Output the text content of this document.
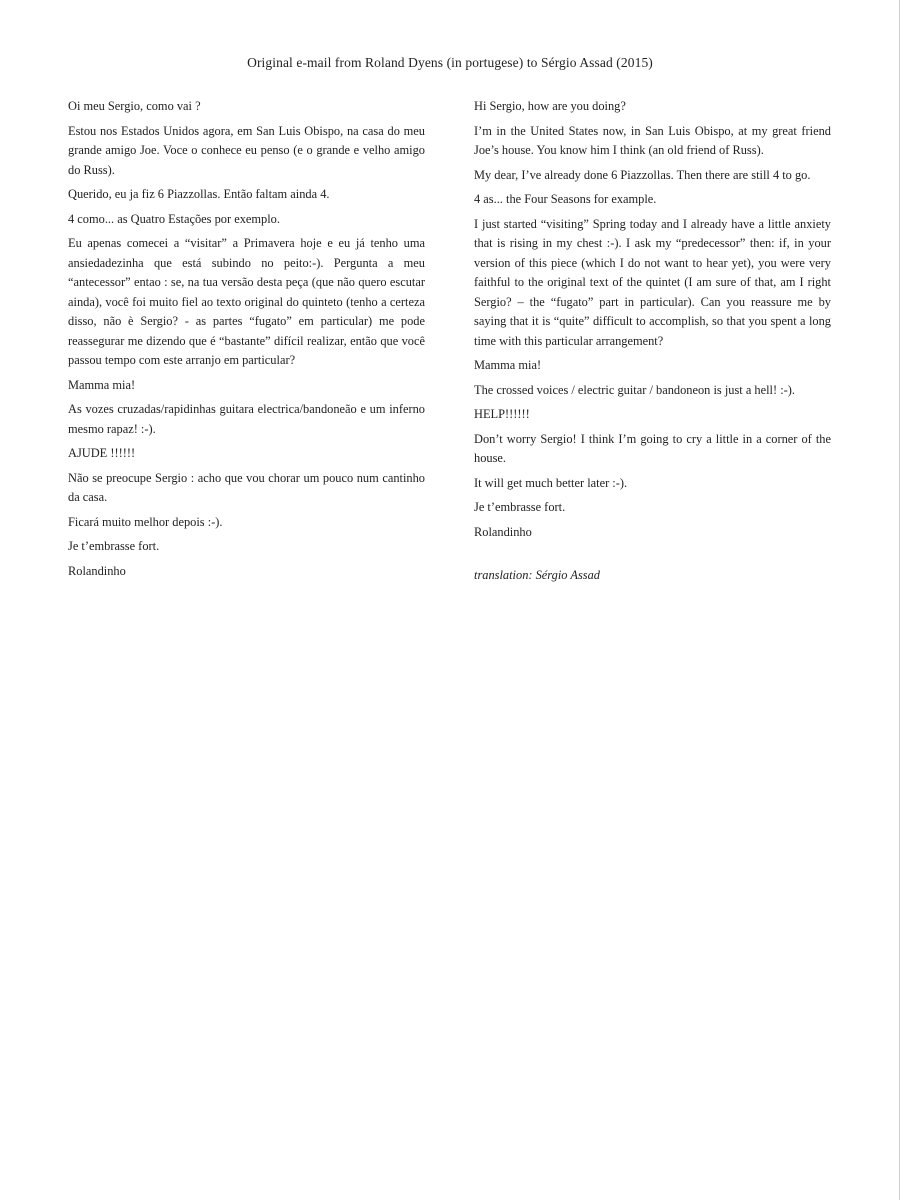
Original e-mail from Roland Dyens (in portugese) to Sérgio Assad (2015)

Oi meu Sergio, como vai ?

Estou nos Estados Unidos agora, em San Luis Obispo, na casa do meu grande amigo Joe. Voce o conhece eu penso (e o grande e velho amigo do Russ).

Querido, eu ja fiz 6 Piazzollas. Então faltam ainda 4.

4 como... as Quatro Estações por exemplo.

Eu apenas comecei a “visitar” a Primavera hoje e eu já tenho uma ansiedadezinha que está subindo no peito:-). Pergunta a meu “antecessor” entao : se, na tua versão desta peça (que não quero escutar ainda), você foi muito fiel ao texto original do quinteto (tenho a certeza disso, não è Sergio? - as partes “fugato” em particular) me pode reassegurar me dizendo que é “bastante” difícil realizar, então que você passou tempo com este arranjo em particular?

Mamma mia!

As vozes cruzadas/rapidinhas guitara electrica/bandoneão e um inferno mesmo rapaz! :-).

AJUDE !!!!!!

Não se preocupe Sergio : acho que vou chorar um pouco num cantinho da casa.

Ficará muito melhor depois :-).

Je t’embrasse fort.

Rolandinho

Hi Sergio, how are you doing?

I’m in the United States now, in San Luis Obispo, at my great friend Joe’s house. You know him I think (an old friend of Russ).

My dear, I’ve already done 6 Piazzollas. Then there are still 4 to go.

4 as... the Four Seasons for example.

I just started “visiting” Spring today and I already have a little anxiety that is rising in my chest :-). I ask my “predecessor” then: if, in your version of this piece (which I do not want to hear yet), you were very faithful to the original text of the quintet (I am sure of that, am I right Sergio? – the “fugato” part in particular). Can you reassure me by saying that it is “quite” difficult to accomplish, so that you spent a long time with this particular arrangement?

Mamma mia!

The crossed voices / electric guitar / bandoneon is just a hell! :-).

HELP!!!!!!

Don’t worry Sergio! I think I’m going to cry a little in a corner of the house.

It will get much better later :-).

Je t’embrasse fort.

Rolandinho

translation: Sérgio Assad
